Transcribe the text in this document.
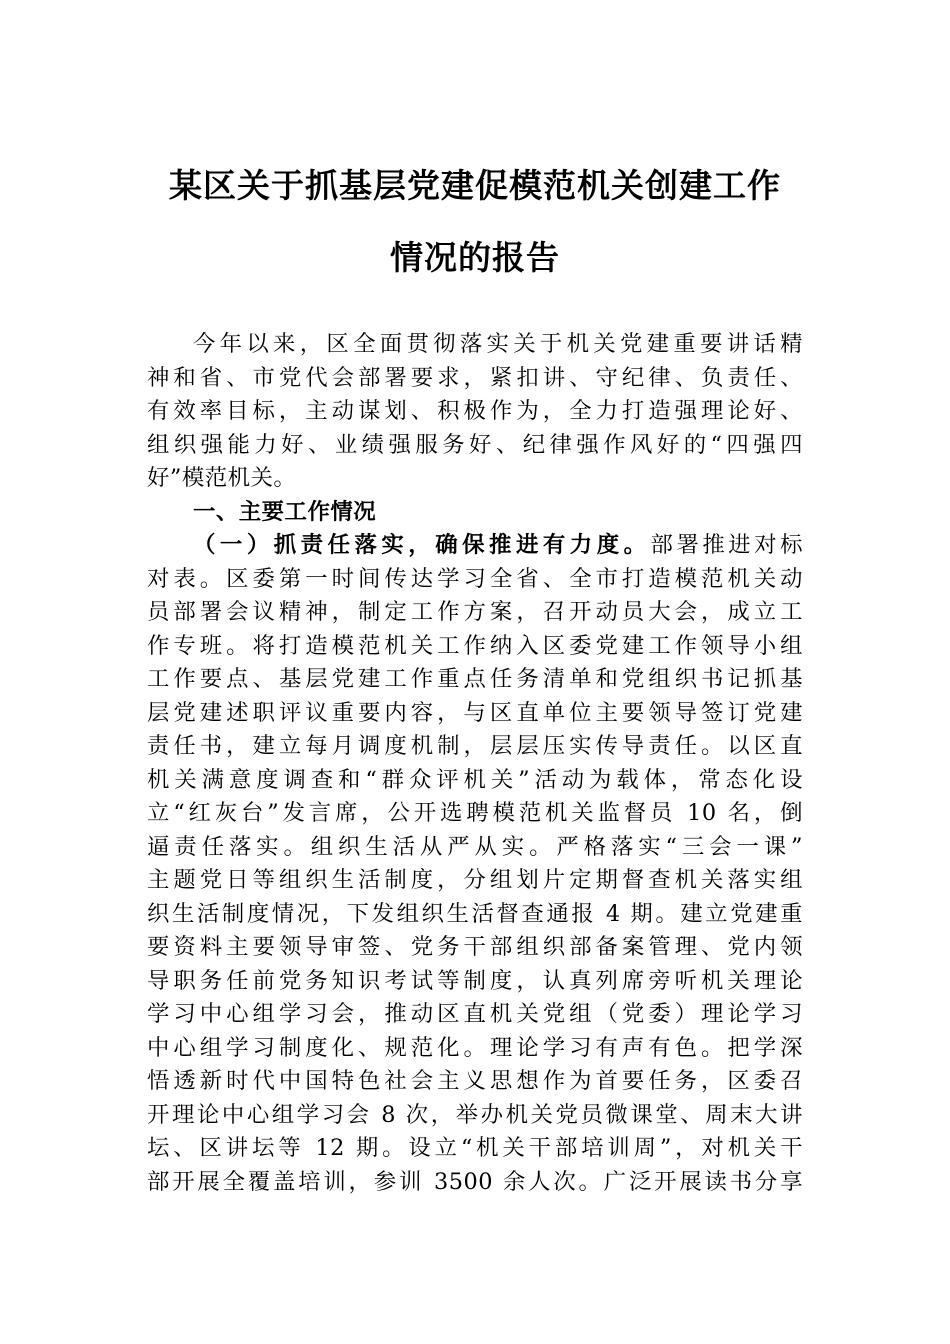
某区关于抓基层党建促模范机关创建工作
情况的报告
今年以来，区全面贯彻落实关于机关党建重要讲话精
神和省、市党代会部署要求，紧扣讲、守纪律、负责任、
有效率目标，主动谋划、积极作为，全力打造强理论好、
组织强能力好、业绩强服务好、纪律强作风好的“四强四
好”模范机关。
一、主要工作情况
（一）抓责任落实，确保推进有力度。部署推进对标
对表。区委第一时间传达学习全省、全市打造模范机关动
员部署会议精神，制定工作方案，召开动员大会，成立工
作专班。将打造模范机关工作纳入区委党建工作领导小组
工作要点、基层党建工作重点任务清单和党组织书记抓基
层党建述职评议重要内容，与区直单位主要领导签订党建
责任书，建立每月调度机制，层层压实传导责任。以区直
机关满意度调查和“群众评机关”活动为载体，常态化设
立“红灰台”发言席，公开选聘模范机关监督员 10 名，倒
逼责任落实。组织生活从严从实。严格落实“三会一课”
主题党日等组织生活制度，分组划片定期督查机关落实组
织生活制度情况，下发组织生活督查通报 4 期。建立党建重
要资料主要领导审签、党务干部组织部备案管理、党内领
导职务任前党务知识考试等制度，认真列席旁听机关理论
学习中心组学习会，推动区直机关党组（党委）理论学习
中心组学习制度化、规范化。理论学习有声有色。把学深
悟透新时代中国特色社会主义思想作为首要任务，区委召
开理论中心组学习会 8 次，举办机关党员微课堂、周末大讲
坛、区讲坛等 12 期。设立“机关干部培训周”，对机关干
部开展全覆盖培训，参训 3500 余人次。广泛开展读书分享
